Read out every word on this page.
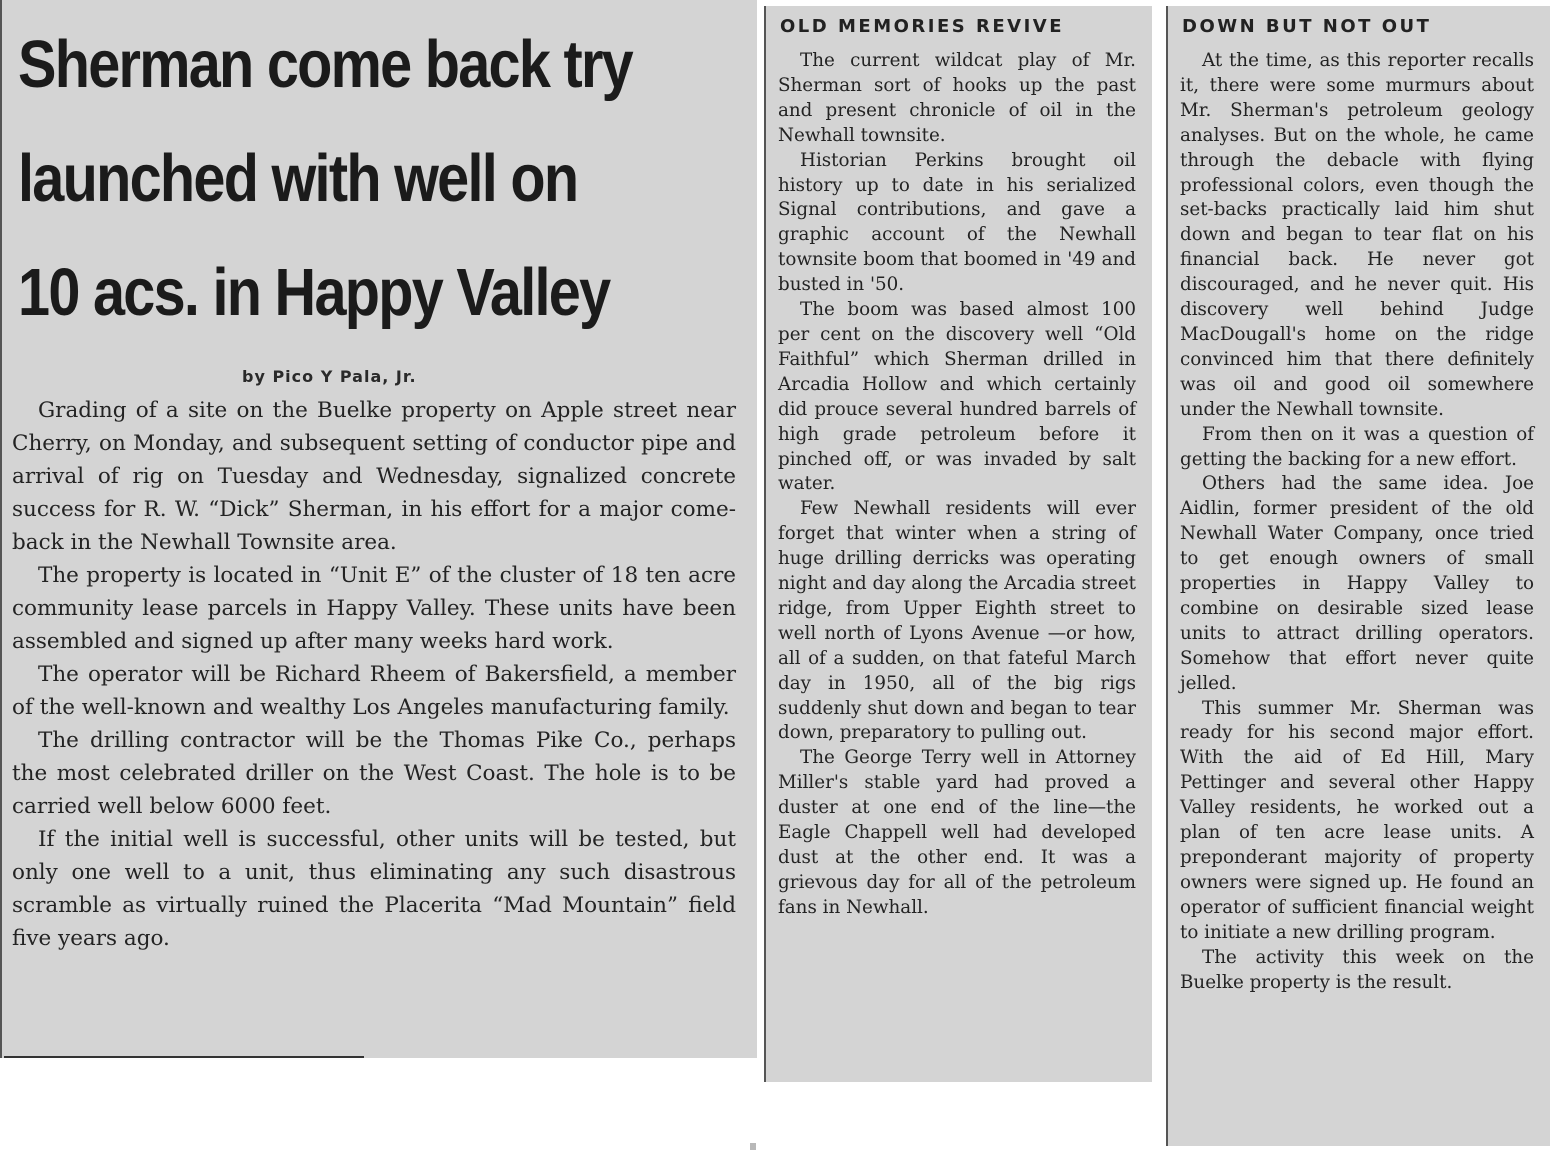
Sherman come back try
launched with well on
10 acs. in Happy Valley
by Pico Y Pala, Jr.

Grading of a site on the Buelke property on Apple street near Cherry, on Monday, and subsequent setting of conductor pipe and arrival of rig on Tuesday and Wednesday, signalized concrete success for R. W. “Dick” Sherman, in his effort for a major come-back in the Newhall Townsite area.

The property is located in “Unit E” of the cluster of 18 ten acre community lease parcels in Happy Valley. These units have been assembled and signed up after many weeks hard work.

The operator will be Richard Rheem of Bakersfield, a member of the well-known and wealthy Los Angeles manufacturing family.

The drilling contractor will be the Thomas Pike Co., perhaps the most celebrated driller on the West Coast. The hole is to be carried well below 6000 feet.

If the initial well is successful, other units will be tested, but only one well to a unit, thus eliminating any such disastrous scramble as virtually ruined the Placerita “Mad Mountain” field five years ago.

OLD MEMORIES REVIVE

The current wildcat play of Mr. Sherman sort of hooks up the past and present chronicle of oil in the Newhall townsite.

Historian Perkins brought oil history up to date in his serialized Signal contributions, and gave a graphic account of the Newhall townsite boom that boomed in '49 and busted in '50.

The boom was based almost 100 per cent on the discovery well “Old Faithful” which Sherman drilled in Arcadia Hollow and which certainly did prouce several hundred barrels of high grade petroleum before it pinched off, or was invaded by salt water.

Few Newhall residents will ever forget that winter when a string of huge drilling derricks was operating night and day along the Arcadia street ridge, from Upper Eighth street to well north of Lyons Avenue —or how, all of a sudden, on that fateful March day in 1950, all of the big rigs suddenly shut down and began to tear down, preparatory to pulling out.

The George Terry well in Attorney Miller's stable yard had proved a duster at one end of the line—the Eagle Chappell well had developed dust at the other end. It was a grievous day for all of the petroleum fans in Newhall.

DOWN BUT NOT OUT

At the time, as this reporter recalls it, there were some murmurs about Mr. Sherman's petroleum geology analyses. But on the whole, he came through the debacle with flying professional colors, even though the set-backs practically laid him shut down and began to tear flat on his financial back. He never got discouraged, and he never quit. His discovery well behind Judge MacDougall's home on the ridge convinced him that there definitely was oil and good oil somewhere under the Newhall townsite.

From then on it was a question of getting the backing for a new effort.

Others had the same idea. Joe Aidlin, former president of the old Newhall Water Company, once tried to get enough owners of small properties in Happy Valley to combine on desirable sized lease units to attract drilling operators. Somehow that effort never quite jelled.

This summer Mr. Sherman was ready for his second major effort. With the aid of Ed Hill, Mary Pettinger and several other Happy Valley residents, he worked out a plan of ten acre lease units. A preponderant majority of property owners were signed up. He found an operator of sufficient financial weight to initiate a new drilling program.

The activity this week on the Buelke property is the result.
